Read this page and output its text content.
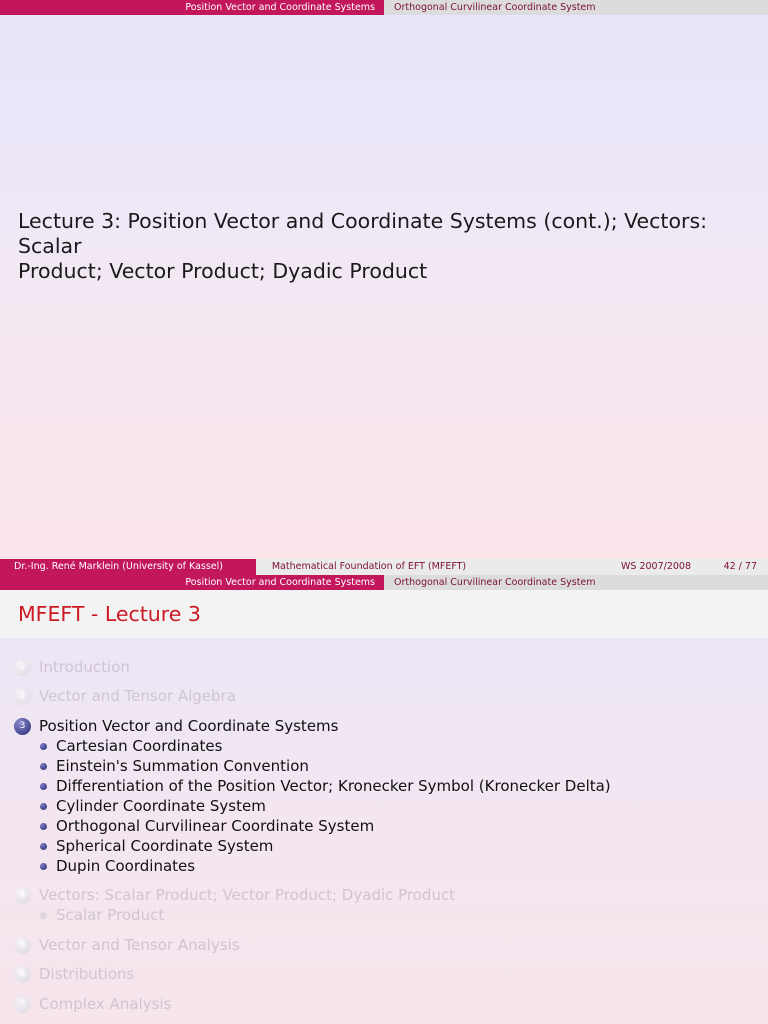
Position Vector and Coordinate Systems	Orthogonal Curvilinear Coordinate System
Lecture 3: Position Vector and Coordinate Systems (cont.); Vectors: Scalar
Product; Vector Product; Dyadic Product
Dr.-Ing. René Marklein (University of Kassel)	Mathematical Foundation of EFT (MFEFT)	WS 2007/2008	42 / 77
Position Vector and Coordinate Systems	Orthogonal Curvilinear Coordinate System
MFEFT - Lecture 3
1 Introduction
2 Vector and Tensor Algebra
3 Position Vector and Coordinate Systems
Cartesian Coordinates
Einstein's Summation Convention
Differentiation of the Position Vector; Kronecker Symbol (Kronecker Delta)
Cylinder Coordinate System
Orthogonal Curvilinear Coordinate System
Spherical Coordinate System
Dupin Coordinates
4 Vectors: Scalar Product; Vector Product; Dyadic Product
Scalar Product
5 Vector and Tensor Analysis
6 Distributions
7 Complex Analysis
